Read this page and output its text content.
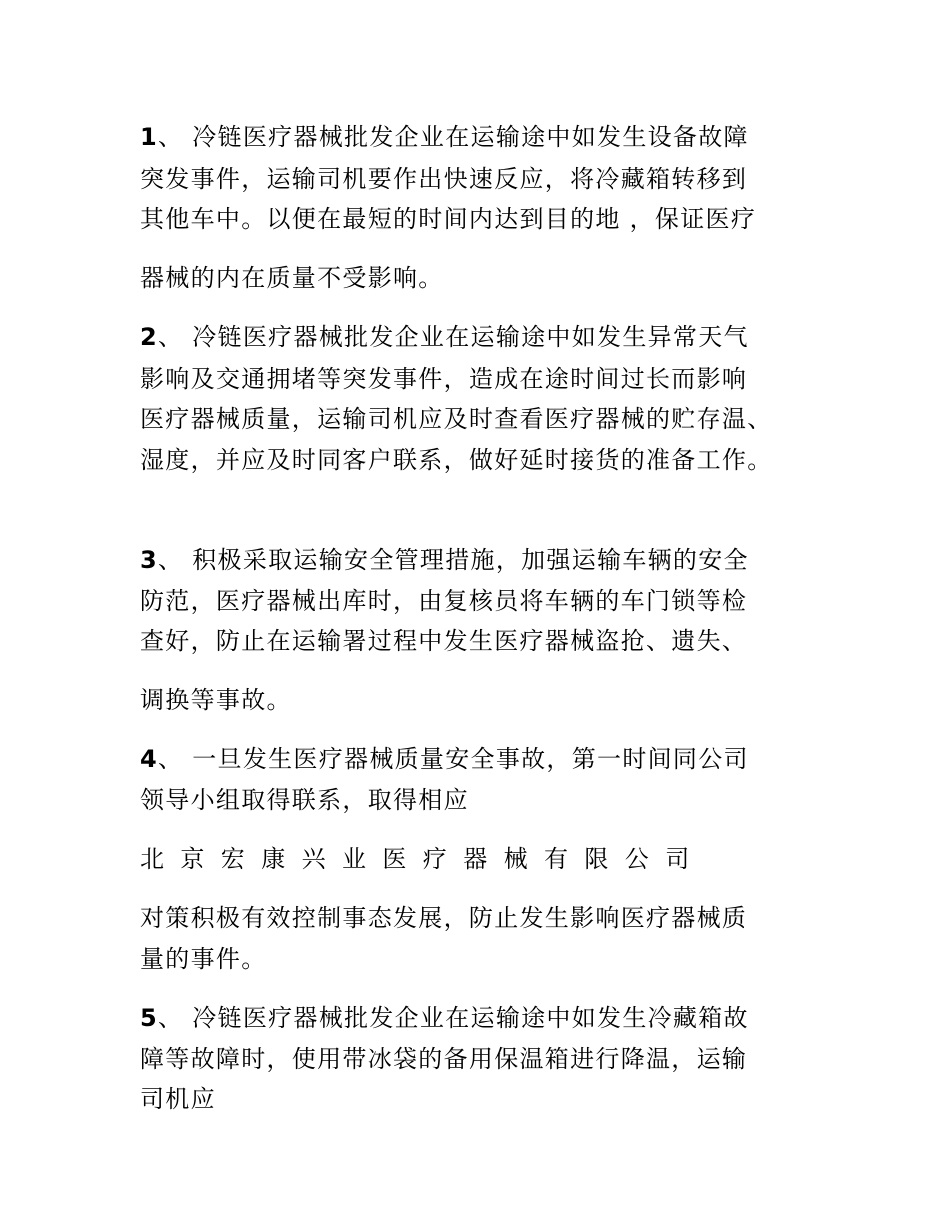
1、 冷链医疗器械批发企业在运输途中如发生设备故障
突发事件，运输司机要作出快速反应，将冷藏箱转移到
其他车中。以便在最短的时间内达到目的地 ，保证医疗
器械的内在质量不受影响。
2、 冷链医疗器械批发企业在运输途中如发生异常天气
影响及交通拥堵等突发事件，造成在途时间过长而影响
医疗器械质量，运输司机应及时查看医疗器械的贮存温、
湿度，并应及时同客户联系，做好延时接货的准备工作。
3、 积极采取运输安全管理措施，加强运输车辆的安全
防范，医疗器械出库时，由复核员将车辆的车门锁等检
查好，防止在运输署过程中发生医疗器械盗抢、遗失、
调换等事故。
4、 一旦发生医疗器械质量安全事故，第一时间同公司
领导小组取得联系，取得相应
北京宏康兴业医疗器械有限公司
对策积极有效控制事态发展，防止发生影响医疗器械质
量的事件。
5、 冷链医疗器械批发企业在运输途中如发生冷藏箱故
障等故障时，使用带冰袋的备用保温箱进行降温，运输
司机应
